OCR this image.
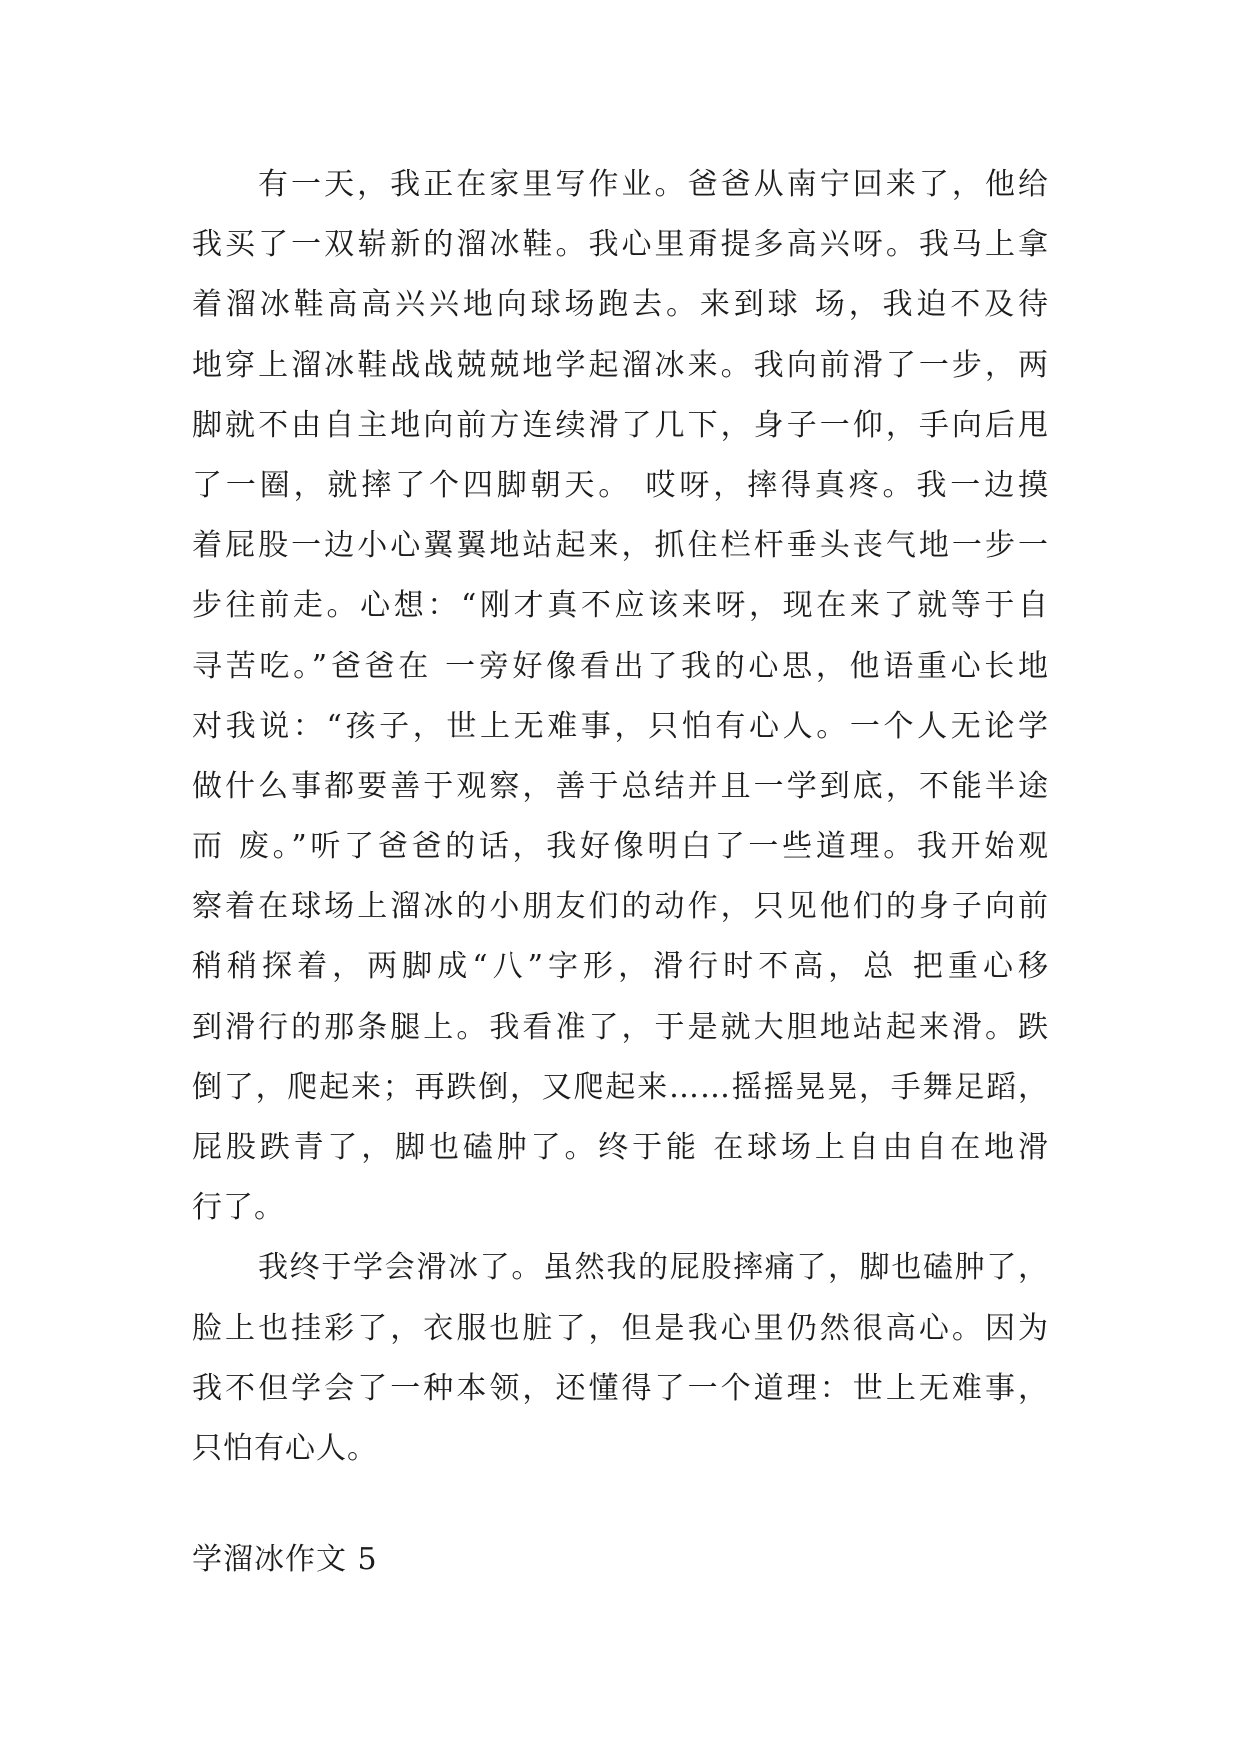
有一天，我正在家里写作业。爸爸从南宁回来了，他给
我买了一双崭新的溜冰鞋。我心里甭提多高兴呀。我马上拿
着溜冰鞋高高兴兴地向球场跑去。来到球 场，我迫不及待
地穿上溜冰鞋战战兢兢地学起溜冰来。我向前滑了一步，两
脚就不由自主地向前方连续滑了几下，身子一仰，手向后甩
了一圈，就摔了个四脚朝天。 哎呀，摔得真疼。我一边摸
着屁股一边小心翼翼地站起来，抓住栏杆垂头丧气地一步一
步往前走。心想：“刚才真不应该来呀，现在来了就等于自
寻苦吃。”爸爸在 一旁好像看出了我的心思，他语重心长地
对我说：“孩子，世上无难事，只怕有心人。一个人无论学
做什么事都要善于观察，善于总结并且一学到底，不能半途
而 废。”听了爸爸的话，我好像明白了一些道理。我开始观
察着在球场上溜冰的小朋友们的动作，只见他们的身子向前
稍稍探着，两脚成“八”字形，滑行时不高，总 把重心移
到滑行的那条腿上。我看准了，于是就大胆地站起来滑。跌
倒了，爬起来；再跌倒，又爬起来……摇摇晃晃，手舞足蹈，
屁股跌青了，脚也磕肿了。终于能 在球场上自由自在地滑
行了。
我终于学会滑冰了。虽然我的屁股摔痛了，脚也磕肿了，
脸上也挂彩了，衣服也脏了，但是我心里仍然很高心。因为
我不但学会了一种本领，还懂得了一个道理：世上无难事，
只怕有心人。
学溜冰作文 5
